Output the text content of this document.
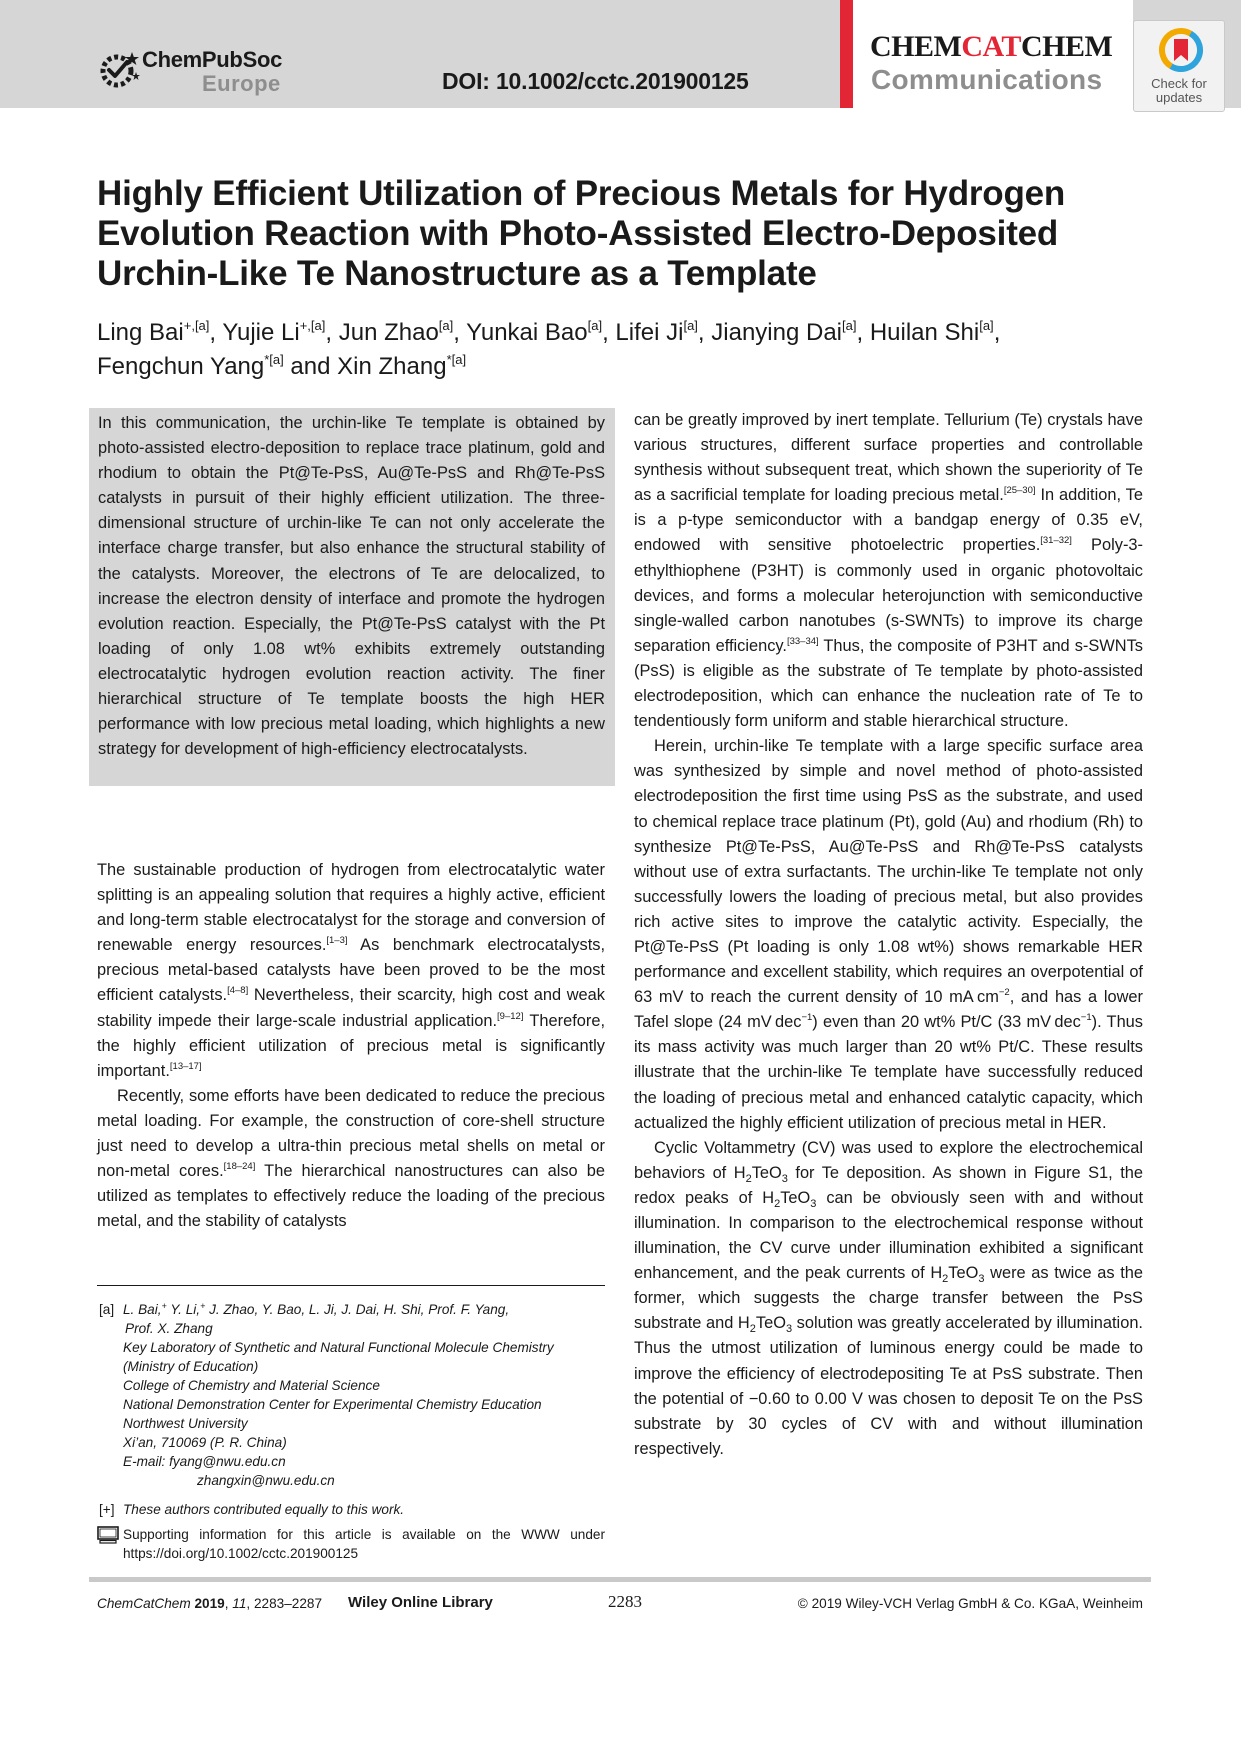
ChemPubSoc
Europe	DOI: 10.1002/cctc.201900125
CHEMCATCHEM
Communications	Check for
updates
Highly Efficient Utilization of Precious Metals for Hydrogen Evolution Reaction with Photo-Assisted Electro-Deposited Urchin-Like Te Nanostructure as a Template
Ling Bai$^{+,[a]}$, Yujie $Li^{+,[a]}$, Jun Zhao[a], Yunkai Bao[a], Lifei Ji[a], Jianying Dai[a], Huilan Shi[a],
Fengchun Yang$^{*[a]}$ and Xin Zhang$^{*[a]}$
In this communication, the urchin-like Te template is obtained by photo-assisted electro-deposition to replace trace platinum, gold and rhodium to obtain the Pt@Te-PsS, Au@Te-PsS and Rh@Te-PsS catalysts in pursuit of their highly efficient utilization. The three-dimensional structure of urchin-like Te can not only accelerate the interface charge transfer, but also enhance the structural stability of the catalysts. Moreover, the electrons of Te are delocalized, to increase the electron density of interface and promote the hydrogen evolution reaction. Especially, the Pt@Te-PsS catalyst with the Pt loading of only 1.08 wt% exhibits extremely outstanding electrocatalytic hydrogen evolution reaction activity. The finer hierarchical structure of Te template boosts the high HER performance with low precious metal loading, which highlights a new strategy for development of high-efficiency electrocatalysts.

The sustainable production of hydrogen from electrocatalytic water splitting is an appealing solution that requires a highly active, efficient and long-term stable electrocatalyst for the storage and conversion of renewable energy resources.[1–3] As benchmark electrocatalysts, precious metal-based catalysts have been proved to be the most efficient catalysts.[4–8] Nevertheless, their scarcity, high cost and weak stability impede their large-scale industrial application.[9–12] Therefore, the highly efficient utilization of precious metal is significantly important.[13–17]

Recently, some efforts have been dedicated to reduce the precious metal loading. For example, the construction of core-shell structure just need to develop a ultra-thin precious metal shells on metal or non-metal cores.[18–24] The hierarchical nanostructures can also be utilized as templates to effectively reduce the loading of the precious metal, and the stability of catalysts

can be greatly improved by inert template. Tellurium (Te) crystals have various structures, different surface properties and controllable synthesis without subsequent treat, which shown the superiority of Te as a sacrificial template for loading precious metal.[25–30] In addition, Te is a p-type semiconductor with a bandgap energy of 0.35 eV, endowed with sensitive photoelectric properties.[31–32] Poly-3-ethylthiophene (P3HT) is commonly used in organic photovoltaic devices, and forms a molecular heterojunction with semiconductive single-walled carbon nanotubes (s-SWNTs) to improve its charge separation efficiency.[33–34] Thus, the composite of P3HT and s-SWNTs (PsS) is eligible as the substrate of Te template by photo-assisted electrodeposition, which can enhance the nucleation rate of Te to tendentiously form uniform and stable hierarchical structure.

Herein, urchin-like Te template with a large specific surface area was synthesized by simple and novel method of photo-assisted electrodeposition the first time using PsS as the substrate, and used to chemical replace trace platinum (Pt), gold (Au) and rhodium (Rh) to synthesize Pt@Te-PsS, Au@Te-PsS and Rh@Te-PsS catalysts without use of extra surfactants. The urchin-like Te template not only successfully lowers the loading of precious metal, but also provides rich active sites to improve the catalytic activity. Especially, the Pt@Te-PsS (Pt loading is only 1.08 wt%) shows remarkable HER performance and excellent stability, which requires an overpotential of 63 mV to reach the current density of 10 mA $cm^{-2}$, and has a lower Tafel slope (24 mV dec$^{-1}$) even than 20 wt% Pt/C (33 mV dec$^{-1}$). Thus its mass activity was much larger than 20 wt% Pt/C. These results illustrate that the urchin-like Te template have successfully reduced the loading of precious metal and enhanced catalytic capacity, which actualized the highly efficient utilization of precious metal in HER.

Cyclic Voltammetry (CV) was used to explore the electrochemical behaviors of $H_2TeO_3$ for Te deposition. As shown in Figure S1, the redox peaks of $H_2TeO_3$ can be obviously seen with and without illumination. In comparison to the electrochemical response without illumination, the CV curve under illumination exhibited a significant enhancement, and the peak currents of $H_2TeO_3$ were as twice as the former, which suggests the charge transfer between the PsS substrate and $H_2TeO_3$ solution was greatly accelerated by illumination. Thus the utmost utilization of luminous energy could be made to improve the efficiency of electrodepositing Te at PsS substrate. Then the potential of −0.60 to 0.00 V was chosen to deposit Te on the PsS substrate by 30 cycles of CV with and without illumination respectively.

[a] L. Bai,+ Y. Li,+ J. Zhao, Y. Bao, L. Ji, J. Dai, H. Shi, Prof. F. Yang,
Prof. X. Zhang
Key Laboratory of Synthetic and Natural Functional Molecule Chemistry
(Ministry of Education)
College of Chemistry and Material Science
National Demonstration Center for Experimental Chemistry Education
Northwest University
Xi’an, 710069 (P. R. China)
E-mail: fyang@nwu.edu.cn
zhangxin@nwu.edu.cn
[+] These authors contributed equally to this work.
Supporting information for this article is available on the WWW under https://doi.org/10.1002/cctc.201900125
ChemCatChem 2019, 11, 2283–2287 Wiley Online Library	2283	© 2019 Wiley-VCH Verlag GmbH & Co. KGaA, Weinheim
